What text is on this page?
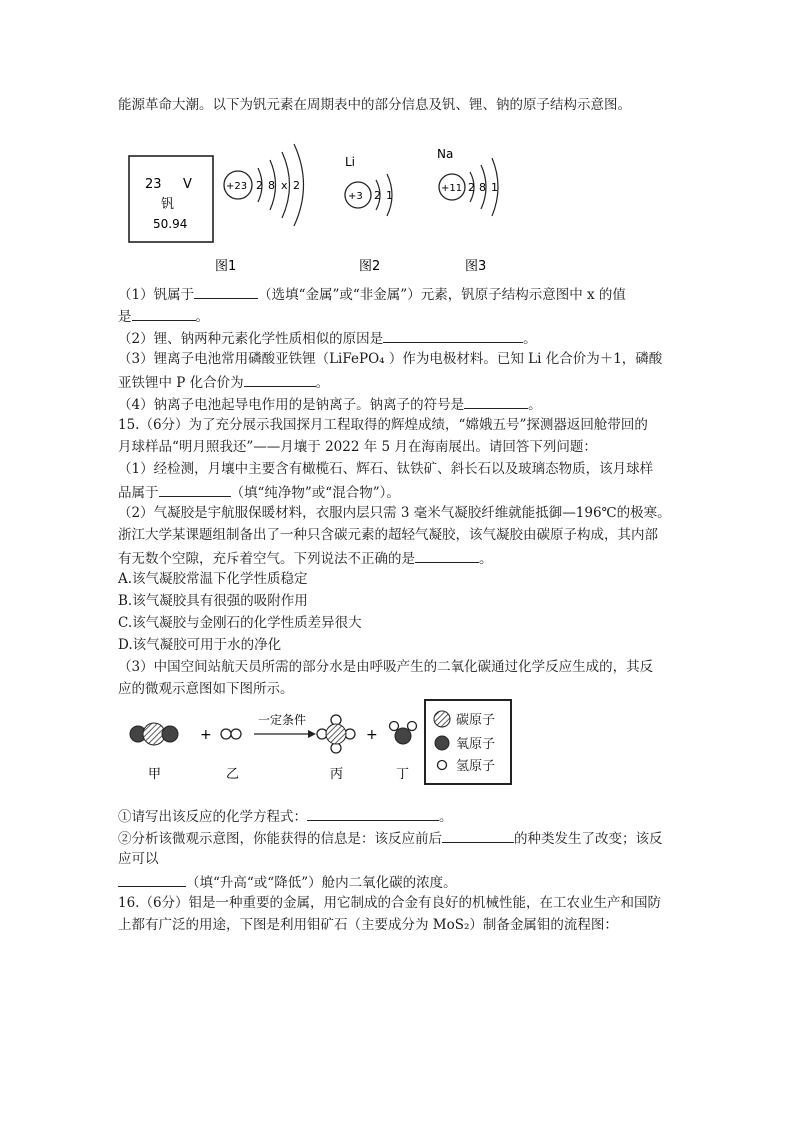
能源革命大潮。以下为钒元素在周期表中的部分信息及钒、锂、钠的原子结构示意图。
23 V
钒
50.94
+23 2 8 x 2
Li
+3 2 1
Na
+11 2 8 1
图1	图2	图3
（1）钒属于	（选填“金属”或“非金属”）元素，钒原子结构示意图中 x 的值
是	。
（2）锂、钠两种元素化学性质相似的原因是	。
（3）锂离子电池常用磷酸亚铁锂（LiFePO₄ ）作为电极材料。已知 Li 化合价为＋1，磷酸
亚铁锂中 P 化合价为	。
（4）钠离子电池起导电作用的是钠离子。钠离子的符号是	。
15.（6分）为了充分展示我国探月工程取得的辉煌成绩，“嫦娥五号”探测器返回舱带回的
月球样品“明月照我还”——月壤于 2022 年 5 月在海南展出。请回答下列问题：
（1）经检测，月壤中主要含有橄榄石、辉石、钛铁矿、斜长石以及玻璃态物质，该月球样
品属于	（填“纯净物”或“混合物”）。
（2）气凝胶是宇航服保暖材料，衣服内层只需 3 毫米气凝胶纤维就能抵御—196℃的极寒。
浙江大学某课题组制备出了一种只含碳元素的超轻气凝胶，该气凝胶由碳原子构成，其内部
有无数个空隙，充斥着空气。下列说法不正确的是	。
A.该气凝胶常温下化学性质稳定
B.该气凝胶具有很强的吸附作用
C.该气凝胶与金刚石的化学性质差异很大
D.该气凝胶可用于水的净化
（3）中国空间站航天员所需的部分水是由呼吸产生的二氧化碳通过化学反应生成的，其反
应的微观示意图如下图所示。
+
一定条件
+
甲	乙	丙	丁
碳原子
氧原子
氢原子
①请写出该反应的化学方程式：	。
②分析该微观示意图，你能获得的信息是：该反应前后	的种类发生了改变；该反
应可以
（填“升高“或“降低”）舱内二氧化碳的浓度。
16.（6分）钼是一种重要的金属，用它制成的合金有良好的机械性能，在工农业生产和国防
上都有广泛的用途，下图是利用钼矿石（主要成分为 MoS₂）制备金属钼的流程图：
